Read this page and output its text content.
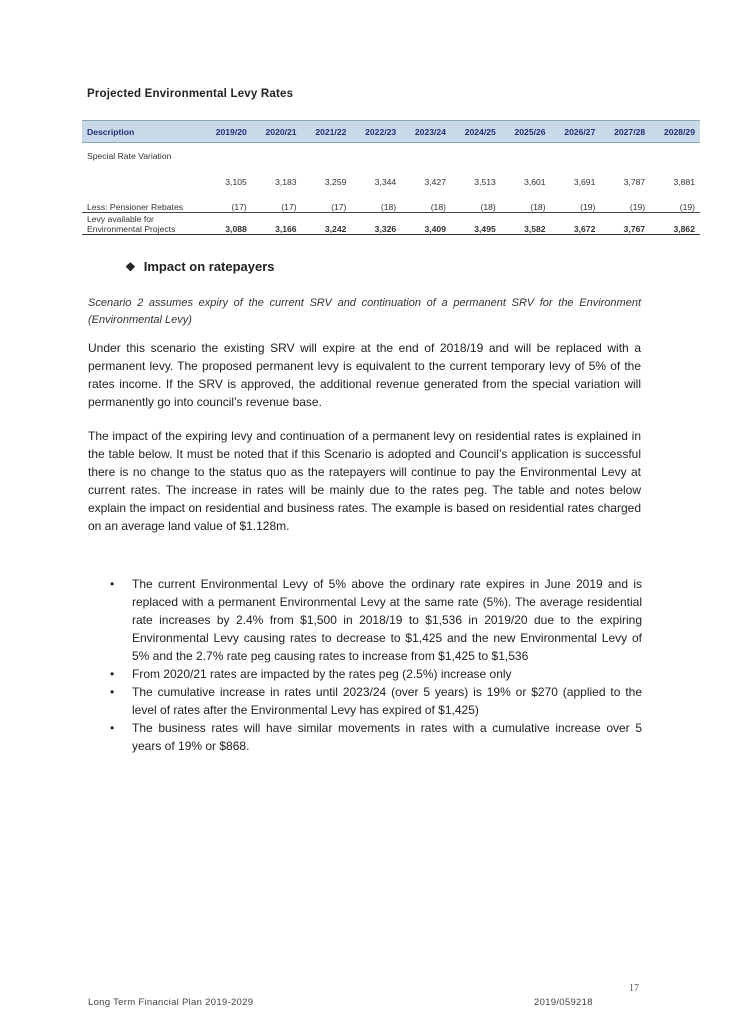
Projected Environmental Levy Rates
Description	2019/20	2020/21	2021/22	2022/23	2023/24	2024/25	2025/26	2026/27	2027/28	2028/29
Special Rate Variation	3,105	3,183	3,259	3,344	3,427	3,513	3,601	3,691	3,787	3,881
Less: Pensioner Rebates	(17)	(17)	(17)	(18)	(18)	(18)	(18)	(19)	(19)	(19)
Levy available for Environmental Projects	3,088	3,166	3,242	3,326	3,409	3,495	3,582	3,672	3,767	3,862
❖ Impact on ratepayers
Scenario 2 assumes expiry of the current SRV and continuation of a permanent SRV for the Environment (Environmental Levy)
Under this scenario the existing SRV will expire at the end of 2018/19 and will be replaced with a permanent levy. The proposed permanent levy is equivalent to the current temporary levy of 5% of the rates income. If the SRV is approved, the additional revenue generated from the special variation will permanently go into council’s revenue base.
The impact of the expiring levy and continuation of a permanent levy on residential rates is explained in the table below. It must be noted that if this Scenario is adopted and Council’s application is successful there is no change to the status quo as the ratepayers will continue to pay the Environmental Levy at current rates. The increase in rates will be mainly due to the rates peg. The table and notes below explain the impact on residential and business rates. The example is based on residential rates charged on an average land value of $1.128m.
• The current Environmental Levy of 5% above the ordinary rate expires in June 2019 and is replaced with a permanent Environmental Levy at the same rate (5%). The average residential rate increases by 2.4% from $1,500 in 2018/19 to $1,536 in 2019/20 due to the expiring Environmental Levy causing rates to decrease to $1,425 and the new Environmental Levy of 5% and the 2.7% rate peg causing rates to increase from $1,425 to $1,536
• From 2020/21 rates are impacted by the rates peg (2.5%) increase only
• The cumulative increase in rates until 2023/24 (over 5 years) is 19% or $270 (applied to the level of rates after the Environmental Levy has expired of $1,425)
• The business rates will have similar movements in rates with a cumulative increase over 5 years of 19% or $868.
17
Long Term Financial Plan 2019-2029	2019/059218
